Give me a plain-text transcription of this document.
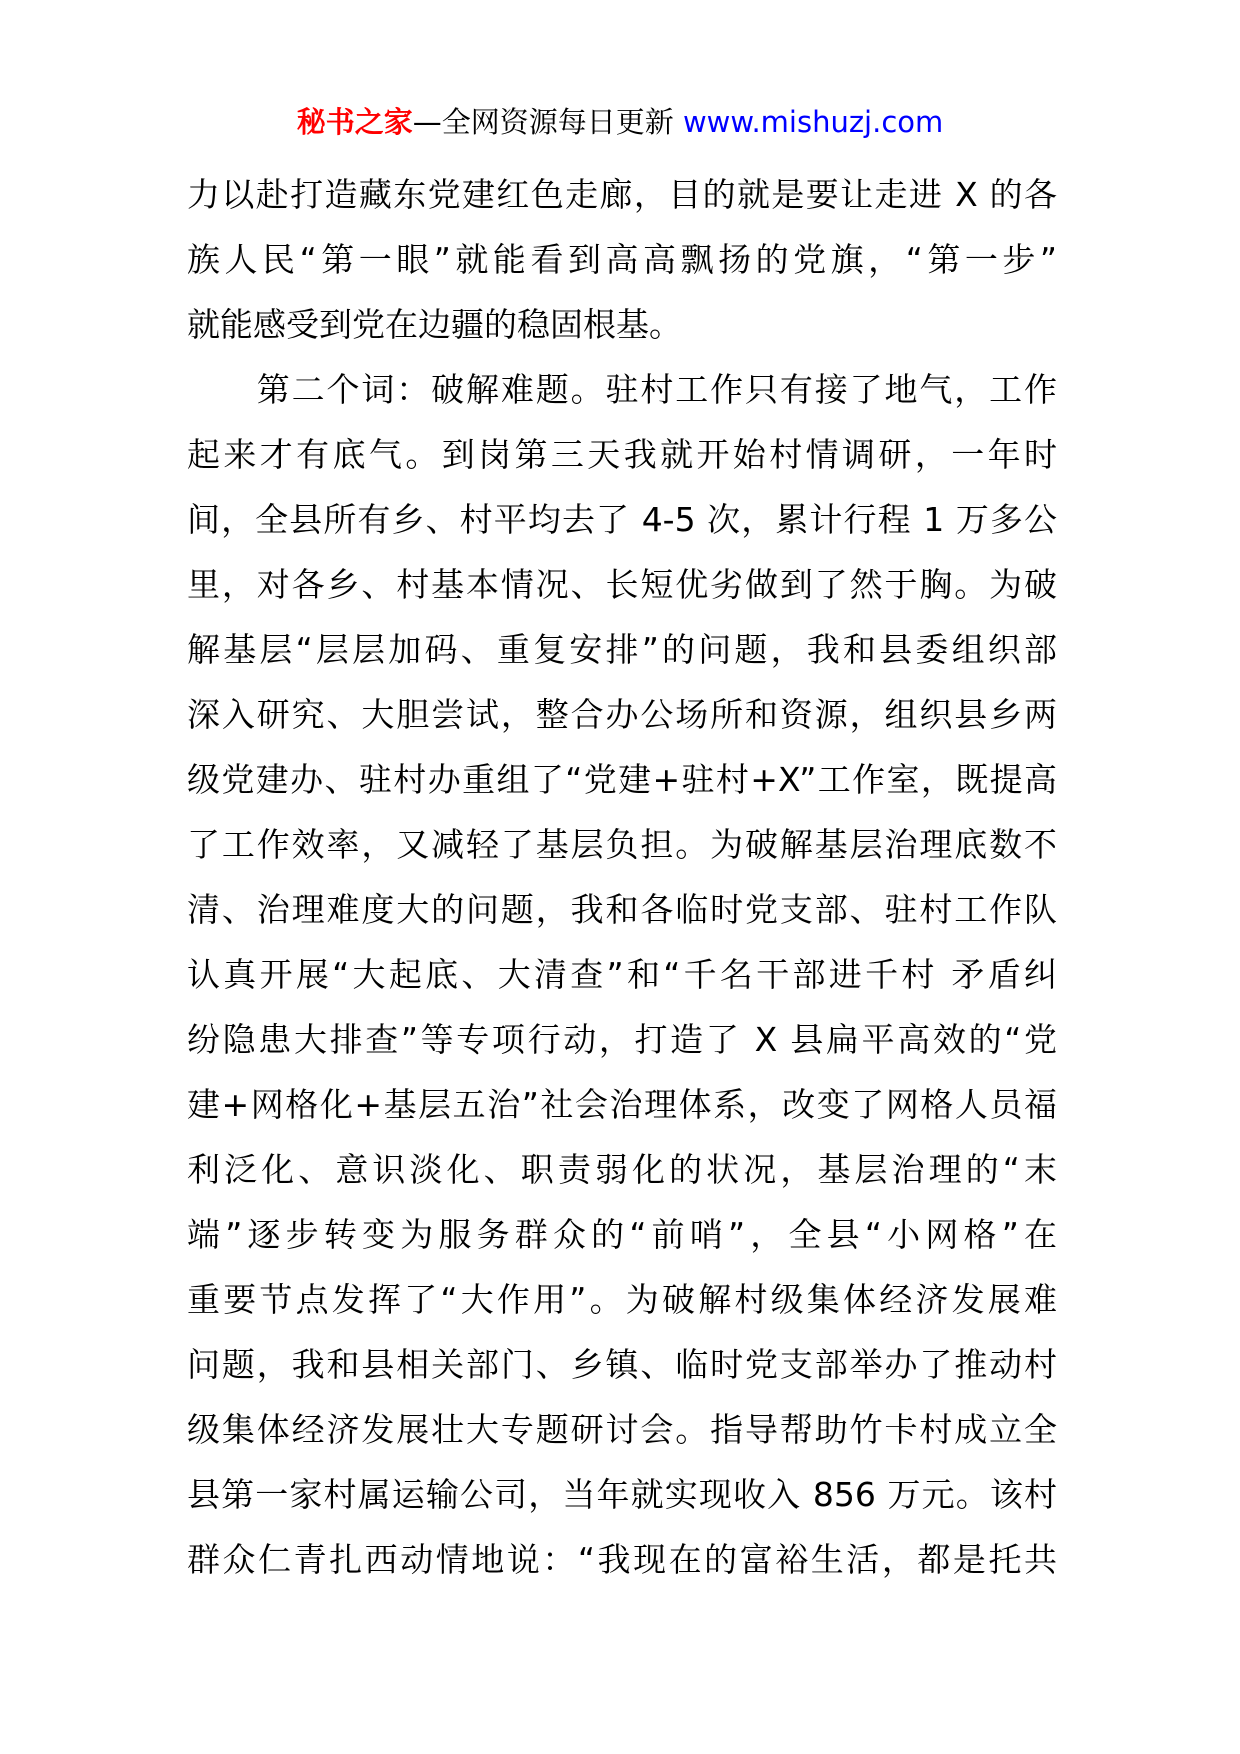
秘书之家—全网资源每日更新 www.mishuzj.com
力以赴打造藏东党建红色走廊，目的就是要让走进 X 的各
族人民“第一眼”就能看到高高飘扬的党旗，“第一步”
就能感受到党在边疆的稳固根基。
　　第二个词：破解难题。驻村工作只有接了地气，工作
起来才有底气。到岗第三天我就开始村情调研，一年时
间，全县所有乡、村平均去了 4-5 次，累计行程 1 万多公
里，对各乡、村基本情况、长短优劣做到了然于胸。为破
解基层“层层加码、重复安排”的问题，我和县委组织部
深入研究、大胆尝试，整合办公场所和资源，组织县乡两
级党建办、驻村办重组了“党建+驻村+X”工作室，既提高
了工作效率，又减轻了基层负担。为破解基层治理底数不
清、治理难度大的问题，我和各临时党支部、驻村工作队
认真开展“大起底、大清查”和“千名干部进千村 矛盾纠
纷隐患大排查”等专项行动，打造了 X 县扁平高效的“党
建+网格化+基层五治”社会治理体系，改变了网格人员福
利泛化、意识淡化、职责弱化的状况，基层治理的“末
端”逐步转变为服务群众的“前哨”，全县“小网格”在
重要节点发挥了“大作用”。为破解村级集体经济发展难
问题，我和县相关部门、乡镇、临时党支部举办了推动村
级集体经济发展壮大专题研讨会。指导帮助竹卡村成立全
县第一家村属运输公司，当年就实现收入 856 万元。该村
群众仁青扎西动情地说：“我现在的富裕生活，都是托共
